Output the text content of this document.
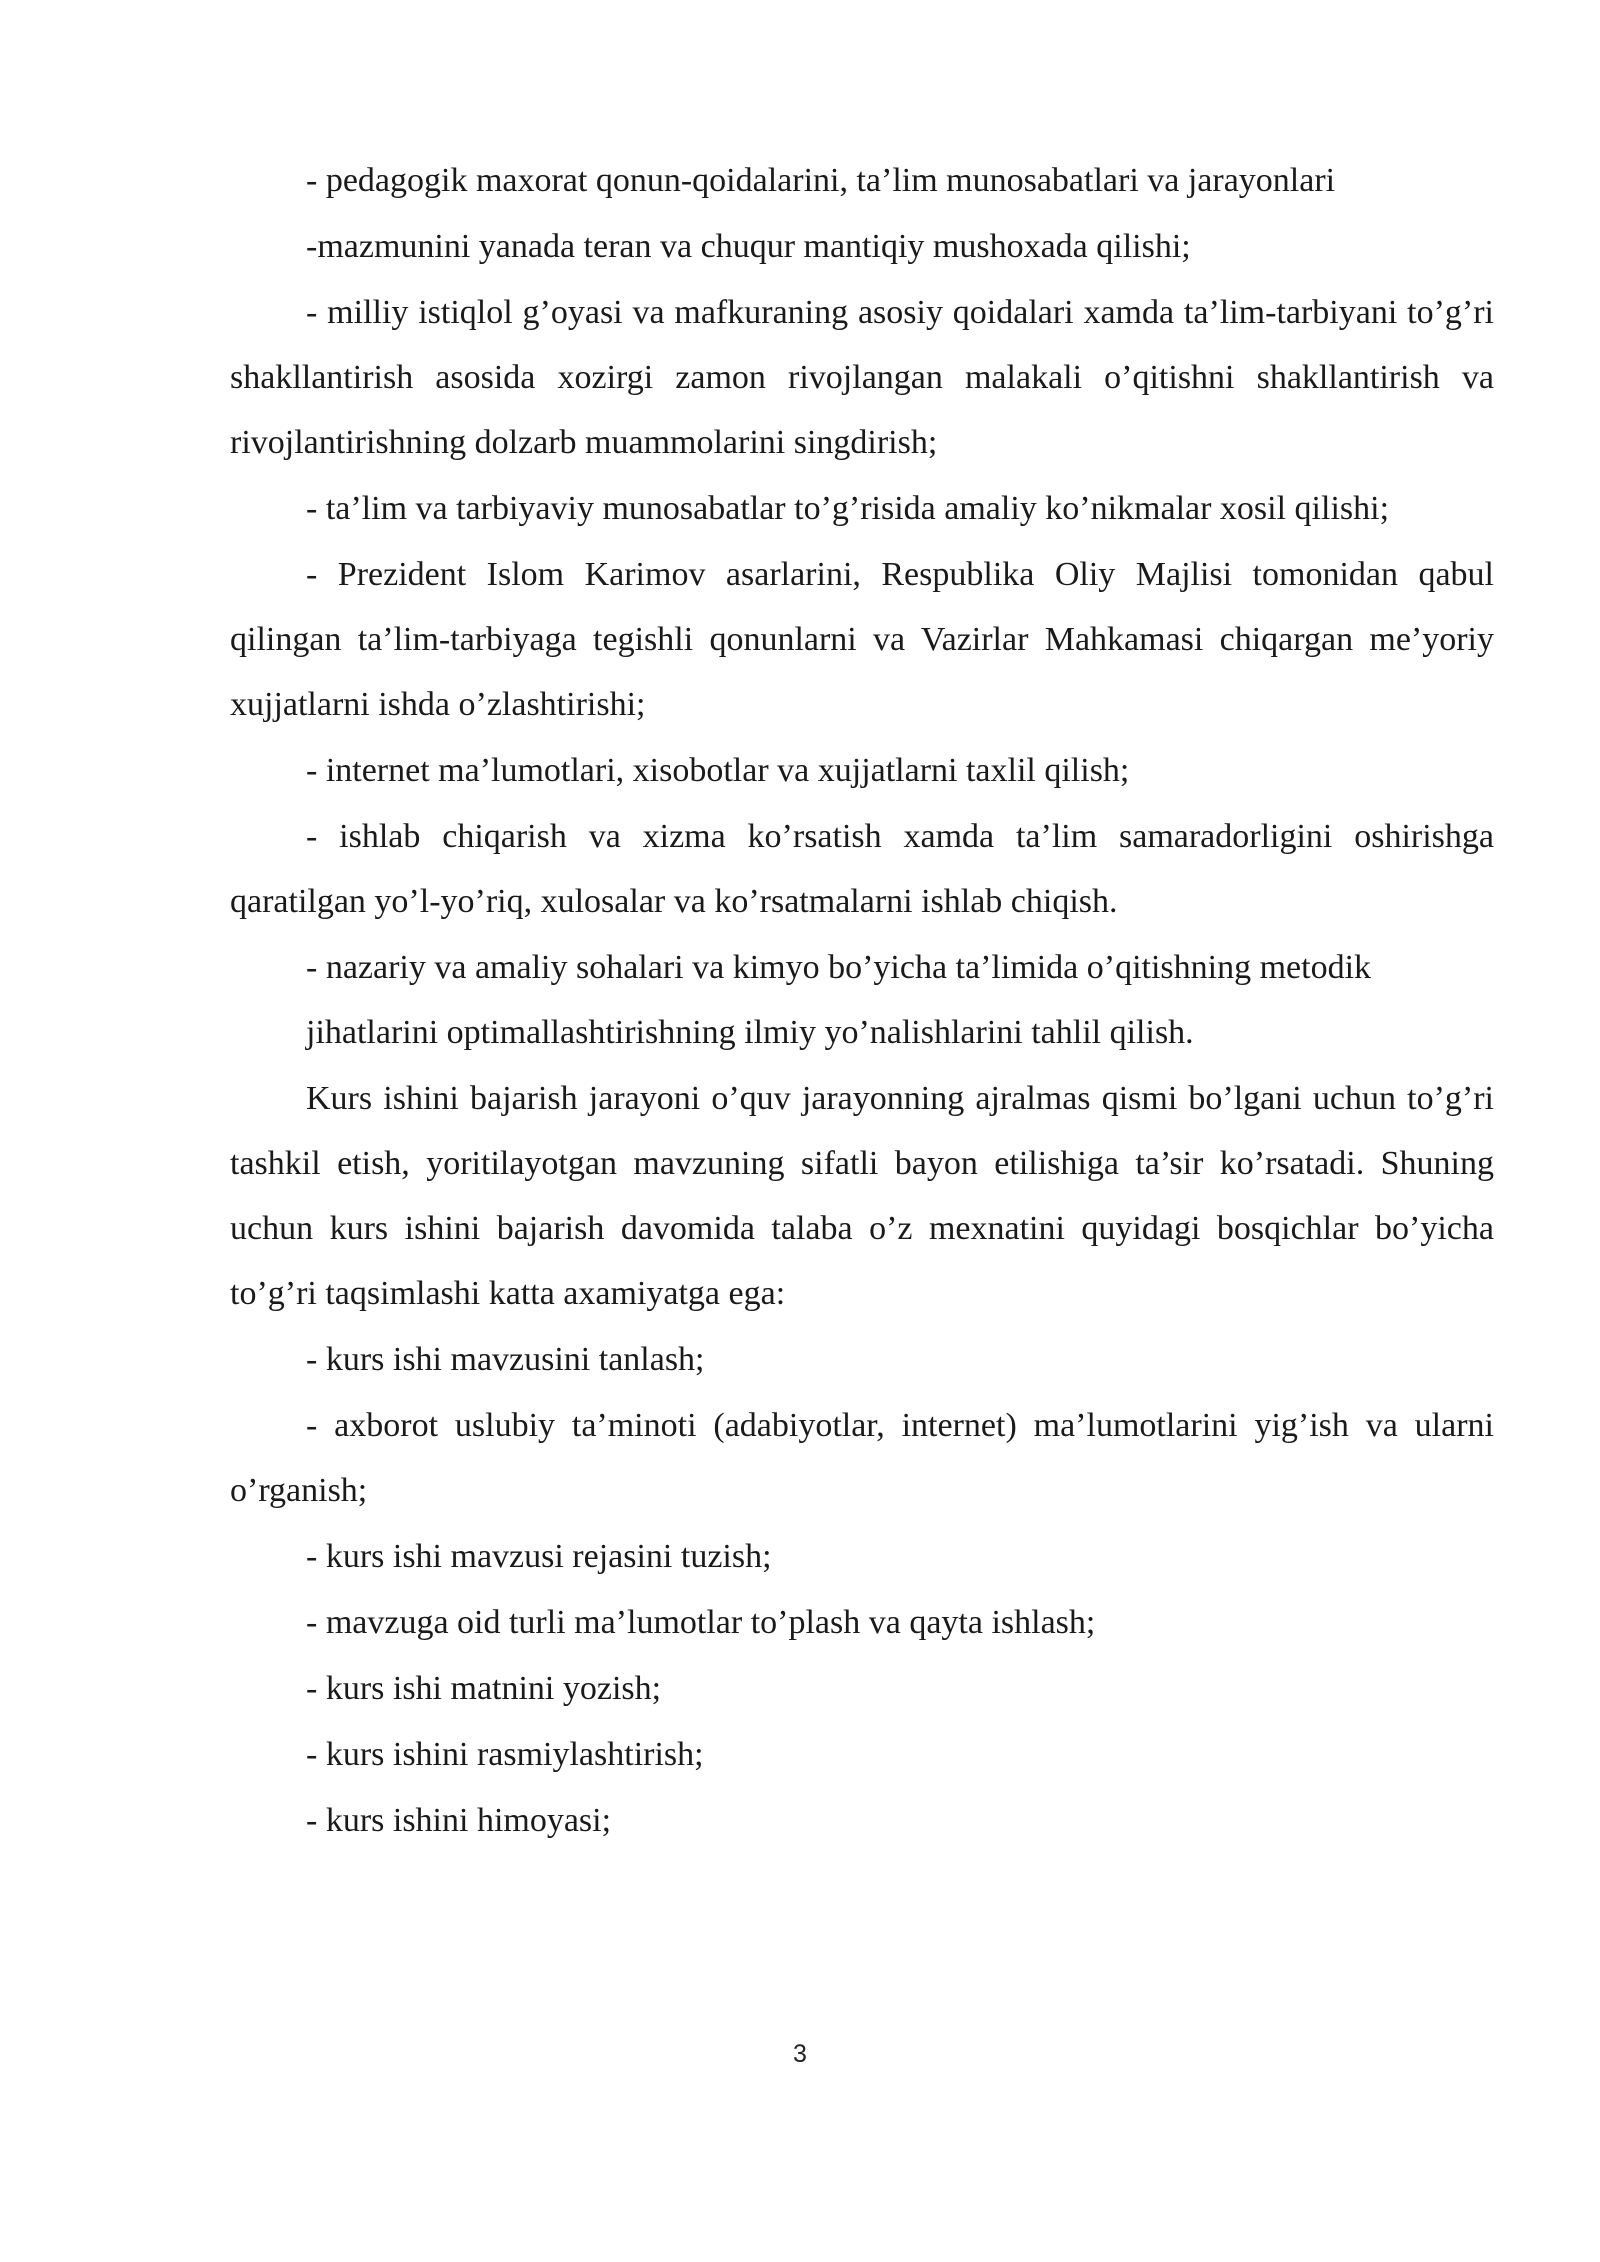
- pedagogik maxorat qonun-qoidalarini, ta’lim munosabatlari va jarayonlari

-mazmunini yanada teran va chuqur mantiqiy mushoxada qilishi;

- milliy istiqlol g’oyasi va mafkuraning asosiy qoidalari xamda ta’lim-tarbiyani to’g’ri shakllantirish asosida xozirgi zamon rivojlangan malakali o’qitishni shakllantirish va rivojlantirishning dolzarb muammolarini singdirish;

- ta’lim va tarbiyaviy munosabatlar to’g’risida amaliy ko’nikmalar xosil qilishi;

- Prezident Islom Karimov asarlarini, Respublika Oliy Majlisi tomonidan qabul qilingan ta’lim-tarbiyaga tegishli qonunlarni va Vazirlar Mahkamasi chiqargan me’yoriy xujjatlarni ishda o’zlashtirishi;

- internet ma’lumotlari, xisobotlar va xujjatlarni taxlil qilish;

- ishlab chiqarish va xizma ko’rsatish xamda ta’lim samaradorligini oshirishga qaratilgan yo’l-yo’riq, xulosalar va ko’rsatmalarni ishlab chiqish.

- nazariy va amaliy sohalari va kimyo bo’yicha ta’limida o’qitishning metodik jihatlarini optimallashtirishning ilmiy yo’nalishlarini tahlil qilish.

Kurs ishini bajarish jarayoni o’quv jarayonning ajralmas qismi bo’lgani uchun to’g’ri tashkil etish, yoritilayotgan mavzuning sifatli bayon etilishiga ta’sir ko’rsatadi. Shuning uchun kurs ishini bajarish davomida talaba o’z mexnatini quyidagi bosqichlar bo’yicha to’g’ri taqsimlashi katta axamiyatga ega:

- kurs ishi mavzusini tanlash;

- axborot uslubiy ta’minoti (adabiyotlar, internet) ma’lumotlarini yig’ish va ularni o’rganish;

- kurs ishi mavzusi rejasini tuzish;

- mavzuga oid turli ma’lumotlar to’plash va qayta ishlash;

- kurs ishi matnini yozish;

- kurs ishini rasmiylashtirish;

- kurs ishini himoyasi;

3
